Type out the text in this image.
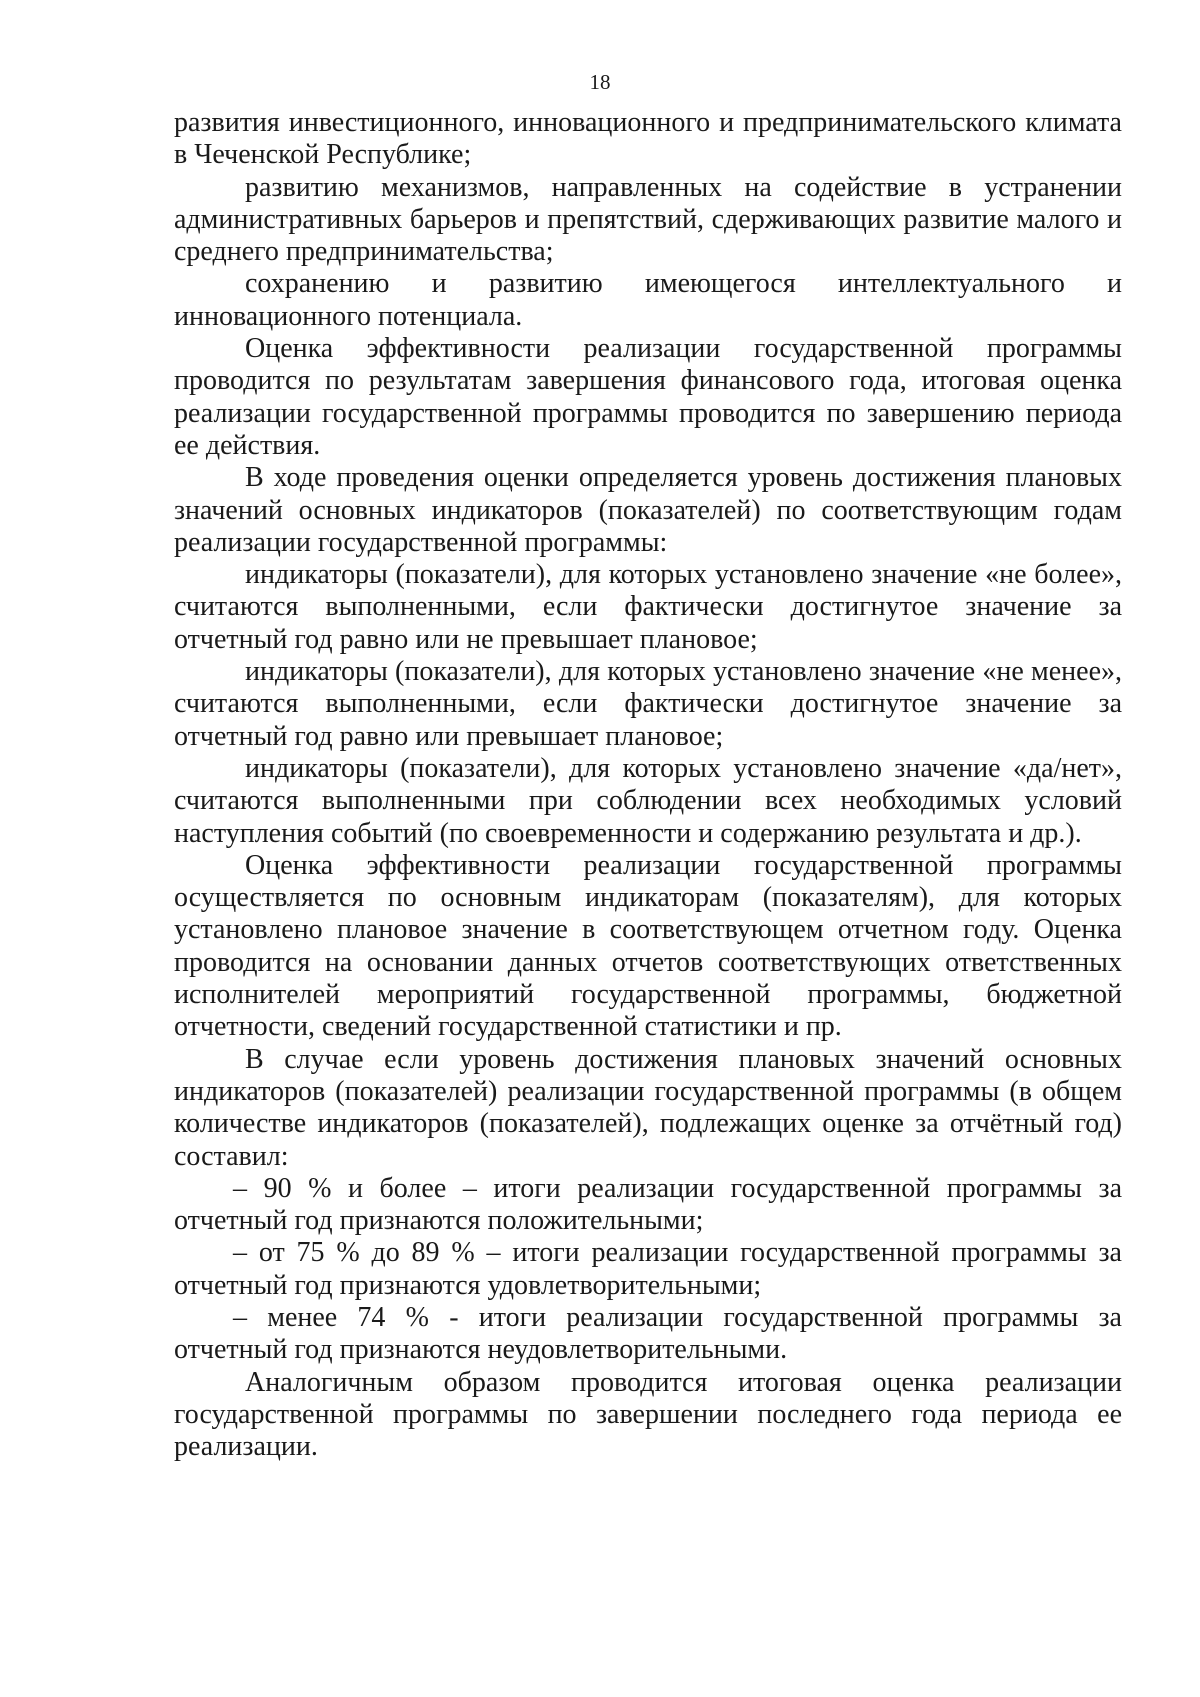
18

развития инвестиционного, инновационного и предпринимательского климата в Чеченской Республике;

развитию механизмов, направленных на содействие в устранении административных барьеров и препятствий, сдерживающих развитие малого и среднего предпринимательства;

сохранению и развитию имеющегося интеллектуального и инновационного потенциала.

Оценка эффективности реализации государственной программы проводится по результатам завершения финансового года, итоговая оценка реализации государственной программы проводится по завершению периода ее действия.

В ходе проведения оценки определяется уровень достижения плановых значений основных индикаторов (показателей) по соответствующим годам реализации государственной программы:

индикаторы (показатели), для которых установлено значение «не более», считаются выполненными, если фактически достигнутое значение за отчетный год равно или не превышает плановое;

индикаторы (показатели), для которых установлено значение «не менее», считаются выполненными, если фактически достигнутое значение за отчетный год равно или превышает плановое;

индикаторы (показатели), для которых установлено значение «да/нет», считаются выполненными при соблюдении всех необходимых условий наступления событий (по своевременности и содержанию результата и др.).

Оценка эффективности реализации государственной программы осуществляется по основным индикаторам (показателям), для которых установлено плановое значение в соответствующем отчетном году. Оценка проводится на основании данных отчетов соответствующих ответственных исполнителей мероприятий государственной программы, бюджетной отчетности, сведений государственной статистики и пр.

В случае если уровень достижения плановых значений основных индикаторов (показателей) реализации государственной программы (в общем количестве индикаторов (показателей), подлежащих оценке за отчётный год) составил:

– 90 % и более – итоги реализации государственной программы за отчетный год признаются положительными;

– от 75 % до 89 % – итоги реализации государственной программы за отчетный год признаются удовлетворительными;

– менее 74 % - итоги реализации государственной программы за отчетный год признаются неудовлетворительными.

Аналогичным образом проводится итоговая оценка реализации государственной программы по завершении последнего года периода ее реализации.
